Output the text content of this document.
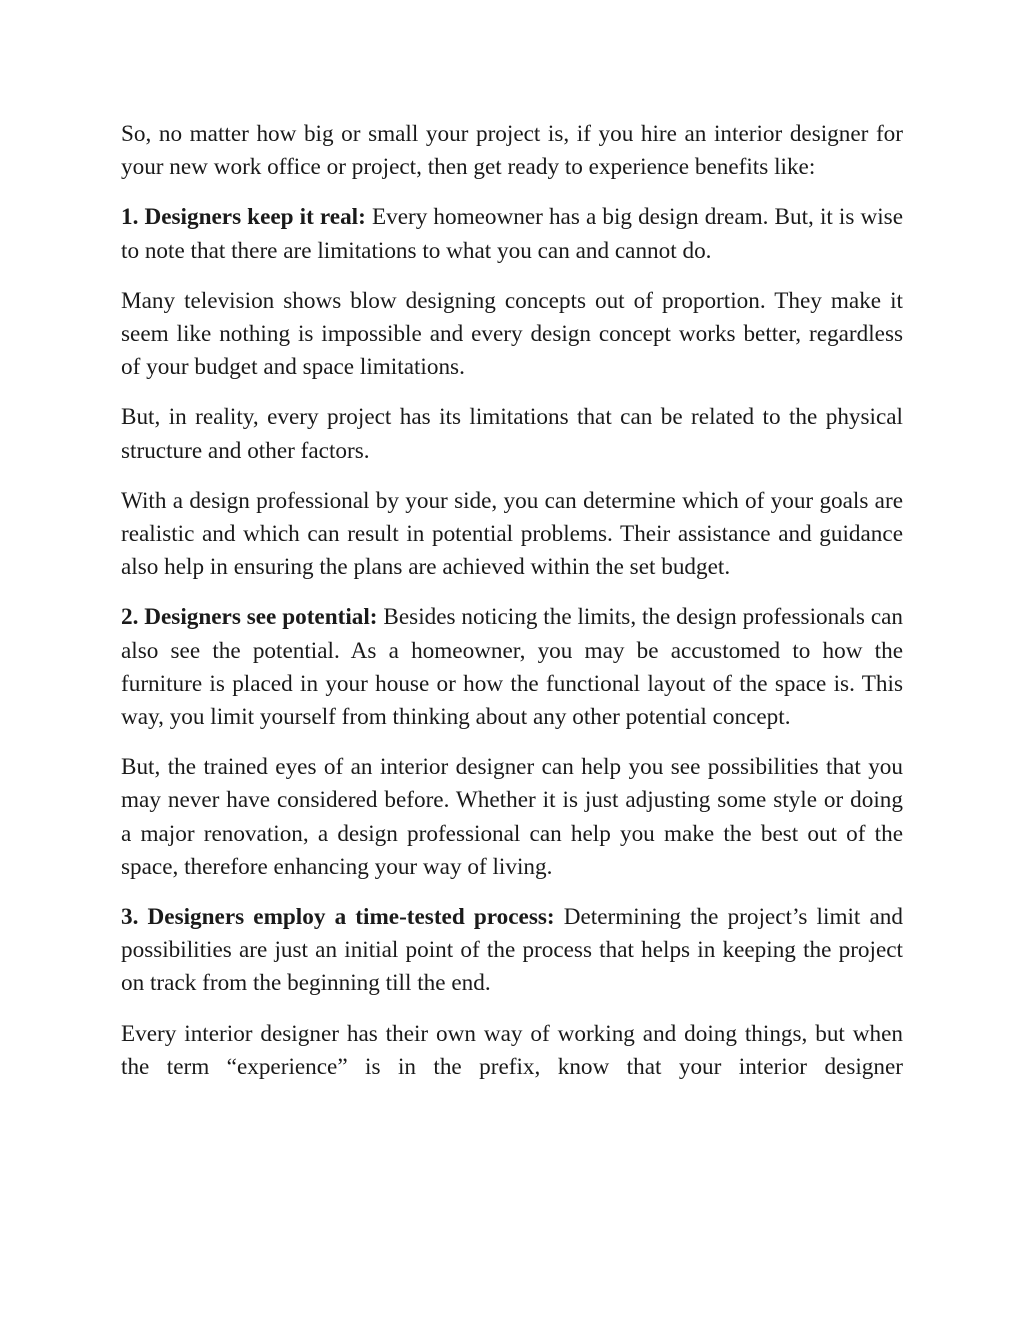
So, no matter how big or small your project is, if you hire an interior designer for your new work office or project, then get ready to experience benefits like:

1. Designers keep it real: Every homeowner has a big design dream. But, it is wise to note that there are limitations to what you can and cannot do.

Many television shows blow designing concepts out of proportion. They make it seem like nothing is impossible and every design concept works better, regardless of your budget and space limitations.

But, in reality, every project has its limitations that can be related to the physical structure and other factors.

With a design professional by your side, you can determine which of your goals are realistic and which can result in potential problems. Their assistance and guidance also help in ensuring the plans are achieved within the set budget.

2. Designers see potential: Besides noticing the limits, the design professionals can also see the potential. As a homeowner, you may be accustomed to how the furniture is placed in your house or how the functional layout of the space is. This way, you limit yourself from thinking about any other potential concept.

But, the trained eyes of an interior designer can help you see possibilities that you may never have considered before. Whether it is just adjusting some style or doing a major renovation, a design professional can help you make the best out of the space, therefore enhancing your way of living.

3. Designers employ a time-tested process: Determining the project’s limit and possibilities are just an initial point of the process that helps in keeping the project on track from the beginning till the end.

Every interior designer has their own way of working and doing things, but when the term “experience” is in the prefix, know that your interior designer
